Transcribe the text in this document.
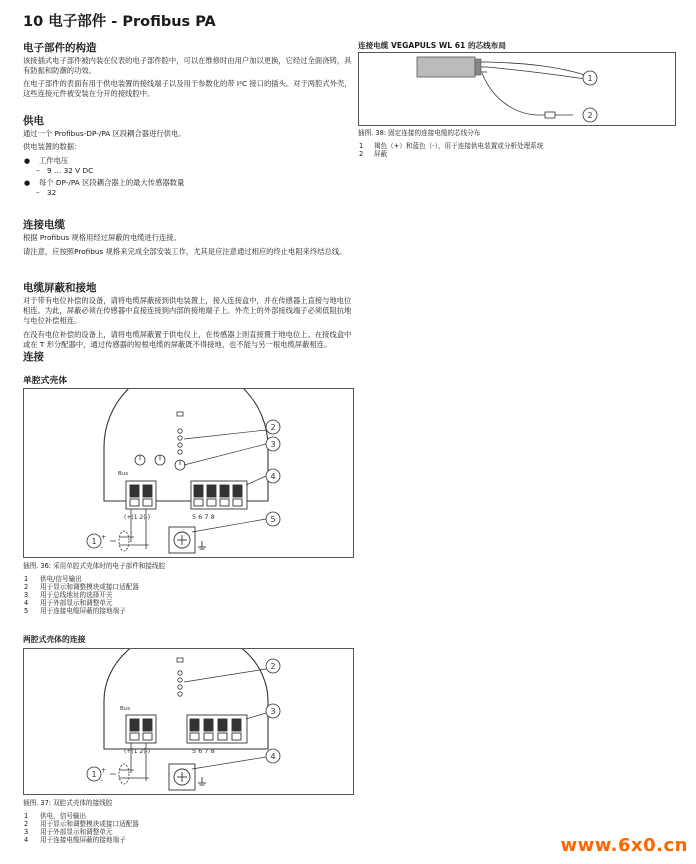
10 电子部件 - Profibus PA
电子部件的构造
该接插式电子部件被内装在仪表的电子部件腔中，可以在维修时由用户加以更换，它经过全面浇铸，具有防振和防潮的功效。
在电子部件的表面有用于供电装置的接线端子以及用于参数化的带 I²C 接口的插头。对于两腔式外壳，这些连接元件被安装在分开的接线腔中。
供电
通过一个 Profibus-DP-/PA 区段耦合器进行供电。
供电装置的数据：
● 工作电压
– 9 … 32 V DC
● 每个 DP-/PA 区段耦合器上的最大传感器数量
– 32
连接电缆
根据 Profibus 规格用经过屏蔽的电缆进行连接。
请注意，应按照Profibus 规格来完成全部安装工作，尤其是应注意通过相应的终止电阻来终结总线。
电缆屏蔽和接地
对于带有电位补偿的设备，请将电缆屏蔽接到供电装置上，接入连接盒中，并在传感器上直接与地电位相连。为此，屏蔽必须在传感器中直接连接到内部的接地端子上。外壳上的外部接线端子必须低阻抗地与电位补偿相连。
在没有电位补偿的设备上，请将电缆屏蔽置于供电仪上，在传感器上则直接置于地电位上。在接线盒中或在 T 形分配器中，通过传感器的短根电缆的屏蔽既不得接地，也不能与另一根电缆屏蔽相连。
连接
单腔式壳体
Bus
(+)1 2(-)	5 6 7 8
+
-
2
3
4
5
1
插图. 36: 采用单腔式壳体时的电子部件和接线腔
1 供电/信号输出
2 用于显示和调整模块或接口适配器
3 用于总线地址的选择开关
4 用于外部显示和调整单元
5 用于连接电缆屏蔽的接地端子
两腔式壳体的连接
Bus
(+)1 2(-)	5 6 7 8
+
-
2
3
4
1
插图. 37: 双腔式壳体的接线腔
1 供电，信号输出
2 用于显示和调整模块或接口适配器
3 用于外部显示和调整单元
4 用于连接电缆屏蔽的接地端子
连接电缆 VEGAPULS WL 61 的芯线布局
1
2
插图. 38: 固定连接的连接电缆的芯线分布
1 褐色（+）和蓝色（-），用于连接供电装置或分析处理系统
2 屏蔽
www.6x0.cn
